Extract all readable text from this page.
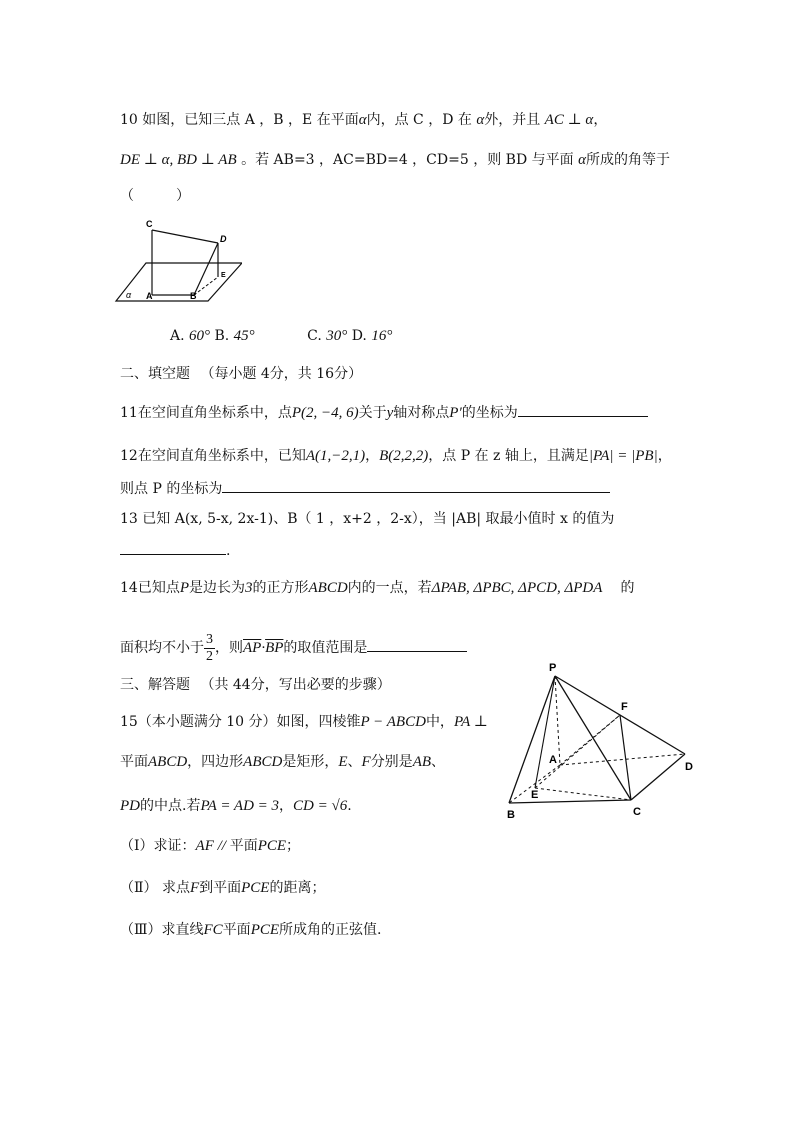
10 如图，已知三点 A ，B ，E 在平面α内，点 C ，D 在 α外，并且 AC ⊥ α，
DE ⊥ α, BD ⊥ AB 。若 AB=3 ，AC=BD=4 ，CD=5 ，则 BD 与平面 α所成的角等于
（　　　）
C
D
E
α A	B
A. 60° B. 45°	C. 30° D. 16°
二、填空题 （每小题 4分，共 16分）
11在空间直角坐标系中，点P(2, −4, 6)关于y轴对称点P′的坐标为
12在空间直角坐标系中，已知A(1,−2,1)，B(2,2,2)，点 P 在 z 轴上，且满足|PA| = |PB|，
则点 P 的坐标为
13 已知 A(x, 5-x, 2x-1)、B（ 1 ，x+2 ，2-x），当 |AB| 取最小值时 x 的值为
.
14已知点P是边长为3的正方形ABCD内的一点，若ΔPAB, ΔPBC, ΔPCD, ΔPDA 的
面积均不小于 $\frac{3}{2}$ ，则$\overline{AP}\cdot\overline{BP}$的取值范围是
三、解答题 （共 44分，写出必要的步骤）
15（本小题满分 10 分）如图，四棱锥P − ABCD中，PA ⊥
平面ABCD，四边形ABCD是矩形，E、F分别是AB、
PD的中点.若PA = AD = 3，CD = √6.
（Ⅰ）求证：AF // 平面PCE；
（Ⅱ） 求点F到平面PCE的距离；
（Ⅲ）求直线FC平面PCE所成角的正弦值.
P
F
A
D
E
B	C
